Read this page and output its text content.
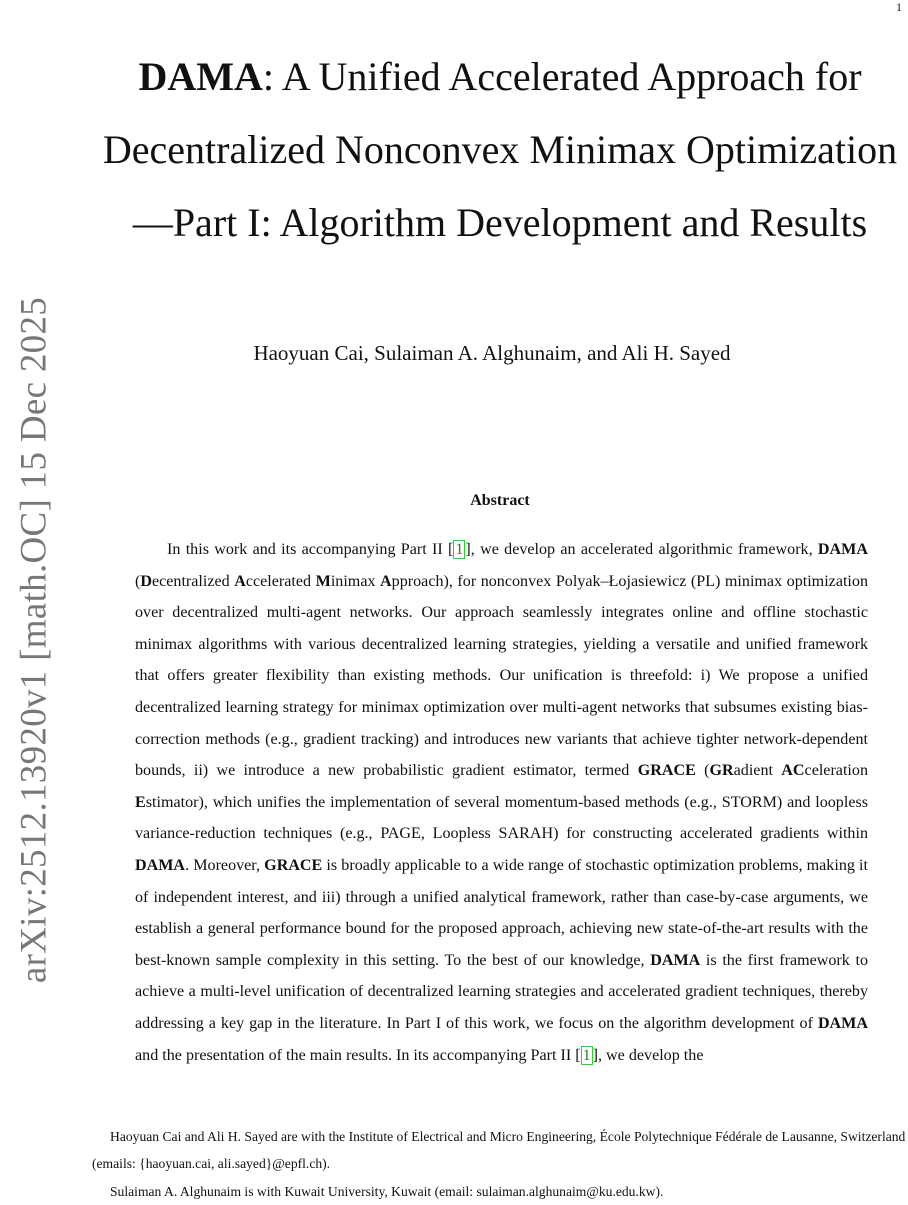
1
arXiv:2512.13920v1 [math.OC] 15 Dec 2025
DAMA: A Unified Accelerated Approach for Decentralized Nonconvex Minimax Optimization—Part I: Algorithm Development and Results

Haoyuan Cai, Sulaiman A. Alghunaim, and Ali H. Sayed

Abstract

In this work and its accompanying Part II [ 1 ], we develop an accelerated algorithmic framework, DAMA (Decentralized Accelerated Minimax Approach), for nonconvex Polyak–Łojasiewicz (PL) minimax optimization over decentralized multi-agent networks. Our approach seamlessly integrates online and offline stochastic minimax algorithms with various decentralized learning strategies, yielding a versatile and unified framework that offers greater flexibility than existing methods. Our unification is threefold: i) We propose a unified decentralized learning strategy for minimax optimization over multi-agent networks that subsumes existing bias-correction methods (e.g., gradient tracking) and introduces new variants that achieve tighter network-dependent bounds, ii) we introduce a new probabilistic gradient estimator, termed GRACE (GRadient ACceleration Estimator), which unifies the implementation of several momentum-based methods (e.g., STORM) and loopless variance-reduction techniques (e.g., PAGE, Loopless SARAH) for constructing accelerated gradients within DAMA. Moreover, GRACE is broadly applicable to a wide range of stochastic optimization problems, making it of independent interest, and iii) through a unified analytical framework, rather than case-by-case arguments, we establish a general performance bound for the proposed approach, achieving new state-of-the-art results with the best-known sample complexity in this setting. To the best of our knowledge, DAMA is the first framework to achieve a multi-level unification of decentralized learning strategies and accelerated gradient techniques, thereby addressing a key gap in the literature. In Part I of this work, we focus on the algorithm development of DAMA and the presentation of the main results. In its accompanying Part II [ 1 ], we develop the

Haoyuan Cai and Ali H. Sayed are with the Institute of Electrical and Micro Engineering, École Polytechnique Fédérale de Lausanne, Switzerland (emails: {haoyuan.cai, ali.sayed}@epfl.ch).

Sulaiman A. Alghunaim is with Kuwait University, Kuwait (email: sulaiman.alghunaim@ku.edu.kw).
